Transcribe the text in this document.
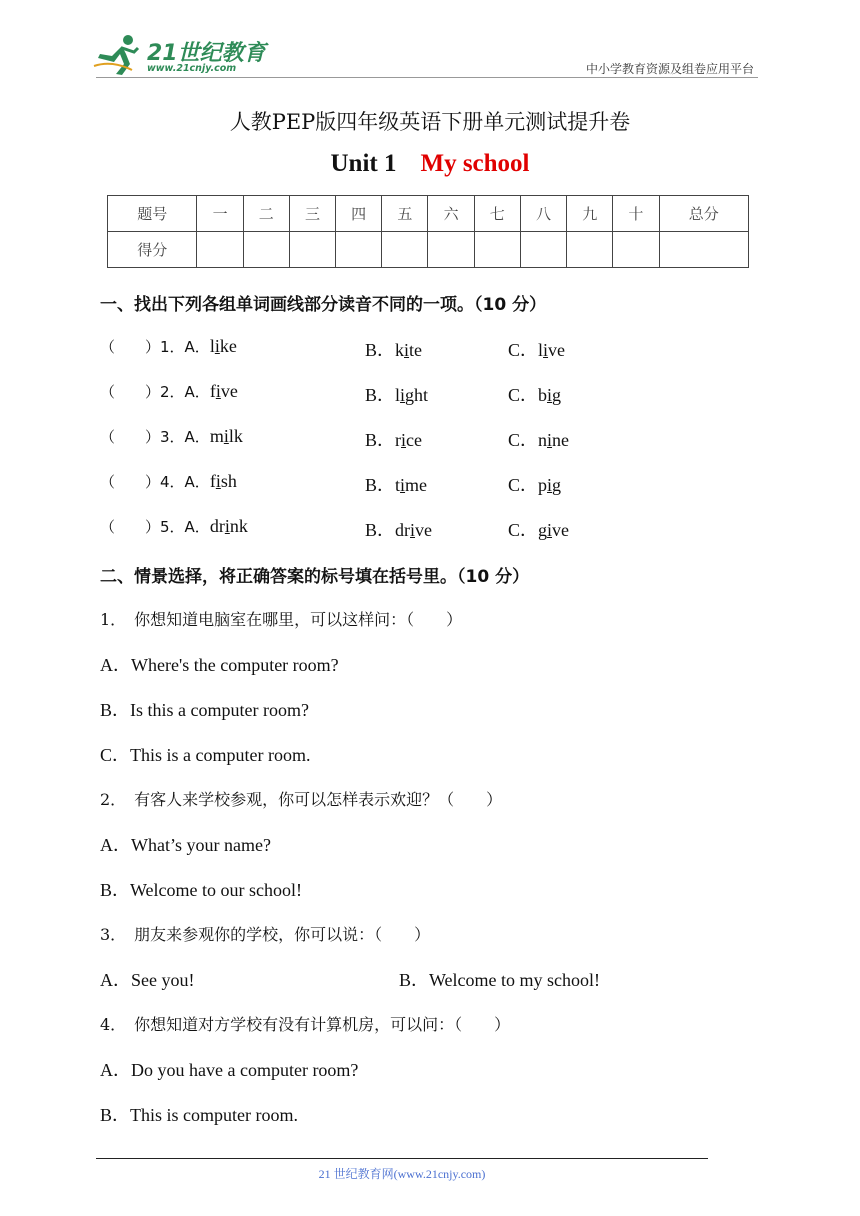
21世纪教育
www.21cnjy.com	中小学教育资源及组卷应用平台
人教PEP版四年级英语下册单元测试提升卷
Unit 1 My school
题号	一	二	三	四	五	六	七	八	九	十	总分
得分											
一、找出下列各组单词画线部分读音不同的一项。（10 分）
（　　）1．A．like	B．kite	C．live
（　　）2．A．five	B．light	C．big
（　　）3．A．milk	B．rice	C．nine
（　　）4．A．fish	B．time	C．pig
（　　）5．A．drink	B．drive	C．give
二、情景选择，将正确答案的标号填在括号里。（10 分）
1．　你想知道电脑室在哪里，可以这样问：（　　）
A．Where's the computer room?
B．Is this a computer room?
C．This is a computer room.
2．　有客人来学校参观，你可以怎样表示欢迎？（　　）
A．What’s your name?
B．Welcome to our school!
3．　朋友来参观你的学校，你可以说：（　　）
A．See you!	B．Welcome to my school!
4．　你想知道对方学校有没有计算机房，可以问：（　　）
A．Do you have a computer room?
B．This is computer room.
21 世纪教育网(www.21cnjy.com)
